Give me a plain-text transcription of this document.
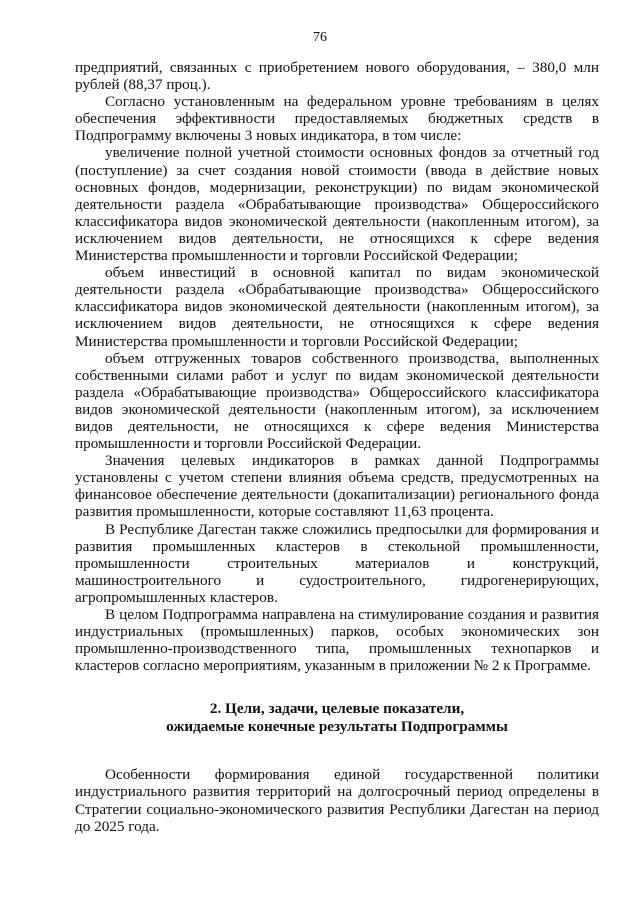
76

предприятий, связанных с приобретением нового оборудования, – 380,0 млн рублей (88,37 проц.).

Согласно установленным на федеральном уровне требованиям в целях обеспечения эффективности предоставляемых бюджетных средств в Подпрограмму включены 3 новых индикатора, в том числе:

увеличение полной учетной стоимости основных фондов за отчетный год (поступление) за счет создания новой стоимости (ввода в действие новых основных фондов, модернизации, реконструкции) по видам экономической деятельности раздела «Обрабатывающие производства» Общероссийского классификатора видов экономической деятельности (накопленным итогом), за исключением видов деятельности, не относящихся к сфере ведения Министерства промышленности и торговли Российской Федерации;

объем инвестиций в основной капитал по видам экономической деятельности раздела «Обрабатывающие производства» Общероссийского классификатора видов экономической деятельности (накопленным итогом), за исключением видов деятельности, не относящихся к сфере ведения Министерства промышленности и торговли Российской Федерации;

объем отгруженных товаров собственного производства, выполненных собственными силами работ и услуг по видам экономической деятельности раздела «Обрабатывающие производства» Общероссийского классификатора видов экономической деятельности (накопленным итогом), за исключением видов деятельности, не относящихся к сфере ведения Министерства промышленности и торговли Российской Федерации.

Значения целевых индикаторов в рамках данной Подпрограммы установлены с учетом степени влияния объема средств, предусмотренных на финансовое обеспечение деятельности (докапитализации) регионального фонда развития промышленности, которые составляют 11,63 процента.

В Республике Дагестан также сложились предпосылки для формирования и развития промышленных кластеров в стекольной промышленности, промышленности строительных материалов и конструкций, машиностроительного и судостроительного, гидрогенерирующих, агропромышленных кластеров.

В целом Подпрограмма направлена на стимулирование создания и развития индустриальных (промышленных) парков, особых экономических зон промышленно-производственного типа, промышленных технопарков и кластеров согласно мероприятиям, указанным в приложении № 2 к Программе.

2. Цели, задачи, целевые показатели,
ожидаемые конечные результаты Подпрограммы

Особенности формирования единой государственной политики индустриального развития территорий на долгосрочный период определены в Стратегии социально-экономического развития Республики Дагестан на период до 2025 года.
